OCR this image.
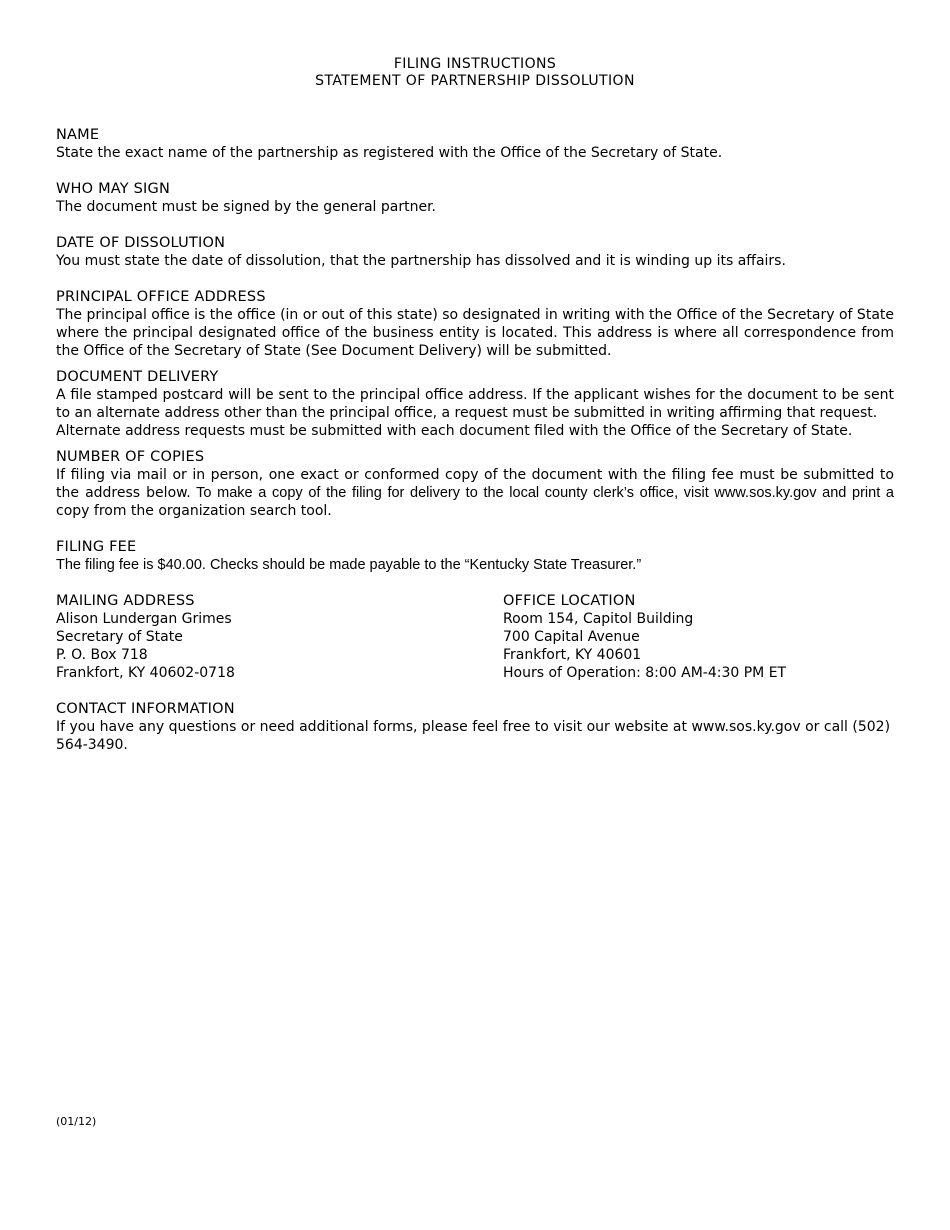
FILING INSTRUCTIONS
STATEMENT OF PARTNERSHIP DISSOLUTION
NAME
State the exact name of the partnership as registered with the Office of the Secretary of State.
WHO MAY SIGN
The document must be signed by the general partner.
DATE OF DISSOLUTION
You must state the date of dissolution, that the partnership has dissolved and it is winding up its affairs.
PRINCIPAL OFFICE ADDRESS
The principal office is the office (in or out of this state) so designated in writing with the Office of the Secretary of State where the principal designated office of the business entity is located. This address is where all correspondence from the Office of the Secretary of State (See Document Delivery) will be submitted.
DOCUMENT DELIVERY
A file stamped postcard will be sent to the principal office address. If the applicant wishes for the document to be sent to an alternate address other than the principal office, a request must be submitted in writing affirming that request.
Alternate address requests must be submitted with each document filed with the Office of the Secretary of State.
NUMBER OF COPIES
If filing via mail or in person, one exact or conformed copy of the document with the filing fee must be submitted to the address below. To make a copy of the filing for delivery to the local county clerk’s office, visit www.sos.ky.gov and print a copy from the organization search tool.
FILING FEE
The filing fee is $40.00. Checks should be made payable to the “Kentucky State Treasurer.”
MAILING ADDRESS
Alison Lundergan Grimes
Secretary of State
P. O. Box 718
Frankfort, KY 40602-0718
OFFICE LOCATION
Room 154, Capitol Building
700 Capital Avenue
Frankfort, KY 40601
Hours of Operation: 8:00 AM-4:30 PM ET
CONTACT INFORMATION
If you have any questions or need additional forms, please feel free to visit our website at www.sos.ky.gov or call (502) 564-3490.
(01/12)
